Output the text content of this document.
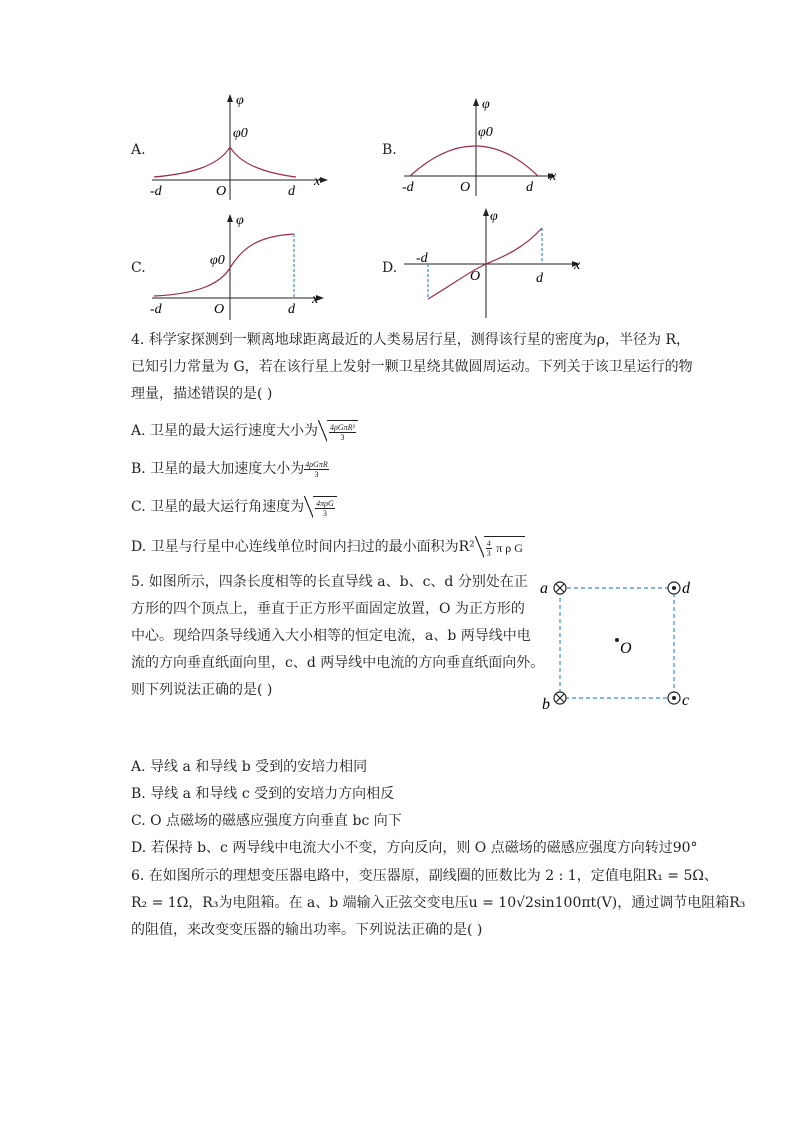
A.
φ
φ0
x
-d	O	d
B.
φ
φ0
x
-d	O	d
C.
φ
φ0
x
-d	O	d
D.
φ
x
-d
O	d
4. 科学家探测到一颗离地球距离最近的人类易居行星，测得该行星的密度为ρ，半径为 R，
已知引力常量为 G，若在该行星上发射一颗卫星绕其做圆周运动。下列关于该卫星运行的物
理量，描述错误的是( )
A. 卫星的最大运行速度大小为 $\frac{\text{4ρGπR²}}{3}$
B. 卫星的最大加速度大小为 $\frac{\text{4ρGπR}}{3}$
C. 卫星的最大运行角速度为 $\frac{\text{4πρG}}{3}$
D. 卫星与行星中心连线单位时间内扫过的最小面积为$R^2 \frac{4}{3}$ π ρ G
5. 如图所示，四条长度相等的长直导线 a、b、c、d 分别处在正
方形的四个顶点上，垂直于正方形平面固定放置，O 为正方形的
中心。现给四条导线通入大小相等的恒定电流，a、b 两导线中电
流的方向垂直纸面向里，c、d 两导线中电流的方向垂直纸面向外。
则下列说法正确的是( )
a
b	c
d
O
A. 导线 a 和导线 b 受到的安培力相同
B. 导线 a 和导线 c 受到的安培力方向相反
C. O 点磁场的磁感应强度方向垂直 bc 向下
D. 若保持 b、c 两导线中电流大小不变，方向反向，则 O 点磁场的磁感应强度方向转过90°
6. 在如图所示的理想变压器电路中，变压器原，副线圈的匝数比为 2 : 1，定值电阻R₁ = 5Ω、
R₂ = 1Ω，R₃为电阻箱。在 a、b 端输入正弦交变电压u = 10√2sin100πt(V)，通过调节电阻箱R₃
的阻值，来改变变压器的输出功率。下列说法正确的是( )
